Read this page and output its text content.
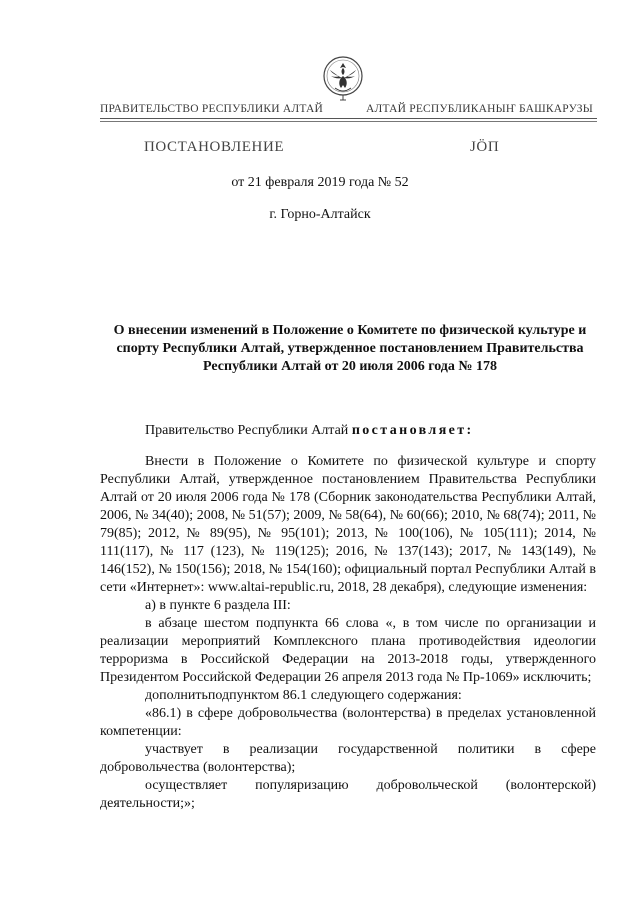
ПРАВИТЕЛЬСТВО РЕСПУБЛИКИ АЛТАЙ	АЛТАЙ РЕСПУБЛИКАНЫҤ БАШКАРУЗЫ
ПОСТАНОВЛЕНИЕ	ЈӦП
от 21 февраля 2019 года № 52
г. Горно-Алтайск
О внесении изменений в Положение о Комитете по физической культуре и спорту Республики Алтай, утвержденное постановлением Правительства Республики Алтай от 20 июля 2006 года № 178
Правительство Республики Алтай постановляет:

Внести в Положение о Комитете по физической культуре и спорту Республики Алтай, утвержденное постановлением Правительства Республики Алтай от 20 июля 2006 года № 178 (Сборник законодательства Республики Алтай, 2006, № 34(40); 2008, № 51(57); 2009, № 58(64), № 60(66); 2010, № 68(74); 2011, № 79(85); 2012, № 89(95), № 95(101); 2013, № 100(106), № 105(111); 2014, № 111(117), № 117 (123), № 119(125); 2016, № 137(143); 2017, № 143(149), № 146(152), № 150(156); 2018, № 154(160); официальный портал Республики Алтай в сети «Интернет»: www.altai-republic.ru, 2018, 28 декабря), следующие изменения:

а) в пункте 6 раздела III:

в абзаце шестом подпункта 66 слова «, в том числе по организации и реализации мероприятий Комплексного плана противодействия идеологии терроризма в Российской Федерации на 2013-2018 годы, утвержденного Президентом Российской Федерации 26 апреля 2013 года № Пр-1069» исключить;

дополнитьподпунктом 86.1 следующего содержания:

«86.1) в сфере добровольчества (волонтерства) в пределах установленной компетенции:

участвует в реализации государственной политики в сфере добровольчества (волонтерства);

осуществляет популяризацию добровольческой (волонтерской) деятельности;»;
